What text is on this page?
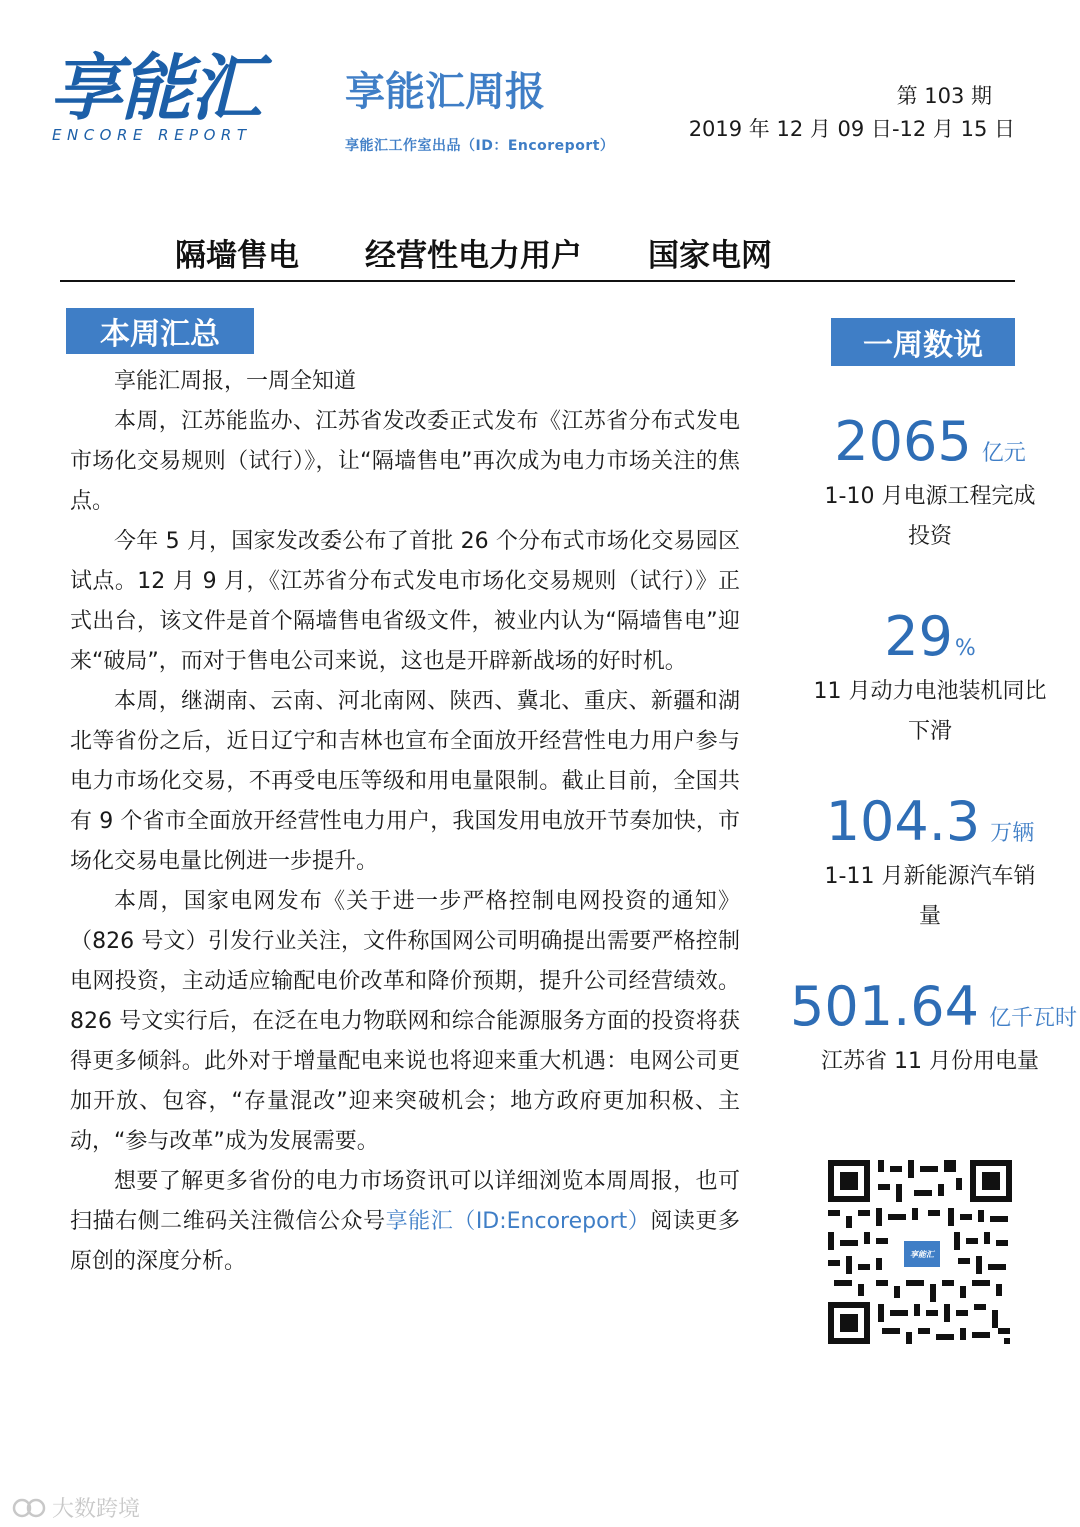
享能汇
ENCORE REPORT
享能汇周报
享能汇工作室出品（ID：Encoreport）
第 103 期
2019 年 12 月 09 日-12 月 15 日
隔墙售电 经营性电力用户 国家电网
本周汇总	一周数说

享能汇周报，一周全知道

本周，江苏能监办、江苏省发改委正式发布《江苏省分布式发电市场化交易规则（试行）》，让“隔墙售电”再次成为电力市场关注的焦点。

今年 5 月，国家发改委公布了首批 26 个分布式市场化交易园区试点。12 月 9 月，《江苏省分布式发电市场化交易规则（试行）》正式出台，该文件是首个隔墙售电省级文件，被业内认为“隔墙售电”迎来“破局”，而对于售电公司来说，这也是开辟新战场的好时机。

本周，继湖南、云南、河北南网、陕西、冀北、重庆、新疆和湖北等省份之后，近日辽宁和吉林也宣布全面放开经营性电力用户参与电力市场化交易，不再受电压等级和用电量限制。截止目前，全国共有 9 个省市全面放开经营性电力用户，我国发用电放开节奏加快，市场化交易电量比例进一步提升。

本周，国家电网发布《关于进一步严格控制电网投资的通知》（826 号文）引发行业关注，文件称国网公司明确提出需要严格控制电网投资，主动适应输配电价改革和降价预期，提升公司经营绩效。826 号文实行后，在泛在电力物联网和综合能源服务方面的投资将获得更多倾斜。此外对于增量配电来说也将迎来重大机遇：电网公司更加开放、包容，“存量混改”迎来突破机会；地方政府更加积极、主动，“参与改革”成为发展需要。

想要了解更多省份的电力市场资讯可以详细浏览本周周报，也可扫描右侧二维码关注微信公众号享能汇（ID:Encoreport）阅读更多原创的深度分析。

2065 亿元
1-10 月电源工程完成投资
29%
11 月动力电池装机同比下滑
104.3 万辆
1-11 月新能源汽车销量
501.64 亿千瓦时
江苏省 11 月份用电量
享能汇
大数跨境
